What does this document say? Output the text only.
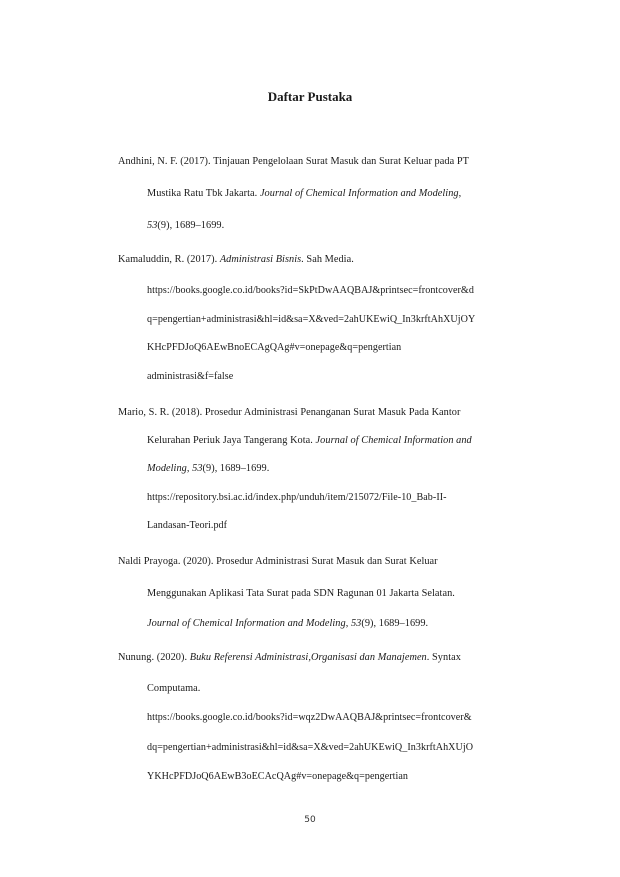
Daftar Pustaka
Andhini, N. F. (2017). Tinjauan Pengelolaan Surat Masuk dan Surat Keluar pada PT
Mustika Ratu Tbk Jakarta. Journal of Chemical Information and Modeling,
53(9), 1689–1699.
Kamaluddin, R. (2017). Administrasi Bisnis. Sah Media.
https://books.google.co.id/books?id=SkPtDwAAQBAJ&printsec=frontcover&d
q=pengertian+administrasi&hl=id&sa=X&ved=2ahUKEwiQ_In3krftAhXUjOY
KHcPFDJoQ6AEwBnoECAgQAg#v=onepage&q=pengertian
administrasi&f=false
Mario, S. R. (2018). Prosedur Administrasi Penanganan Surat Masuk Pada Kantor
Kelurahan Periuk Jaya Tangerang Kota. Journal of Chemical Information and
Modeling, 53(9), 1689–1699.
https://repository.bsi.ac.id/index.php/unduh/item/215072/File-10_Bab-II-
Landasan-Teori.pdf
Naldi Prayoga. (2020). Prosedur Administrasi Surat Masuk dan Surat Keluar
Menggunakan Aplikasi Tata Surat pada SDN Ragunan 01 Jakarta Selatan.
Journal of Chemical Information and Modeling, 53(9), 1689–1699.
Nunung. (2020). Buku Referensi Administrasi,Organisasi dan Manajemen. Syntax
Computama.
https://books.google.co.id/books?id=wqz2DwAAQBAJ&printsec=frontcover&
dq=pengertian+administrasi&hl=id&sa=X&ved=2ahUKEwiQ_In3krftAhXUjO
YKHcPFDJoQ6AEwB3oECAcQAg#v=onepage&q=pengertian
50
